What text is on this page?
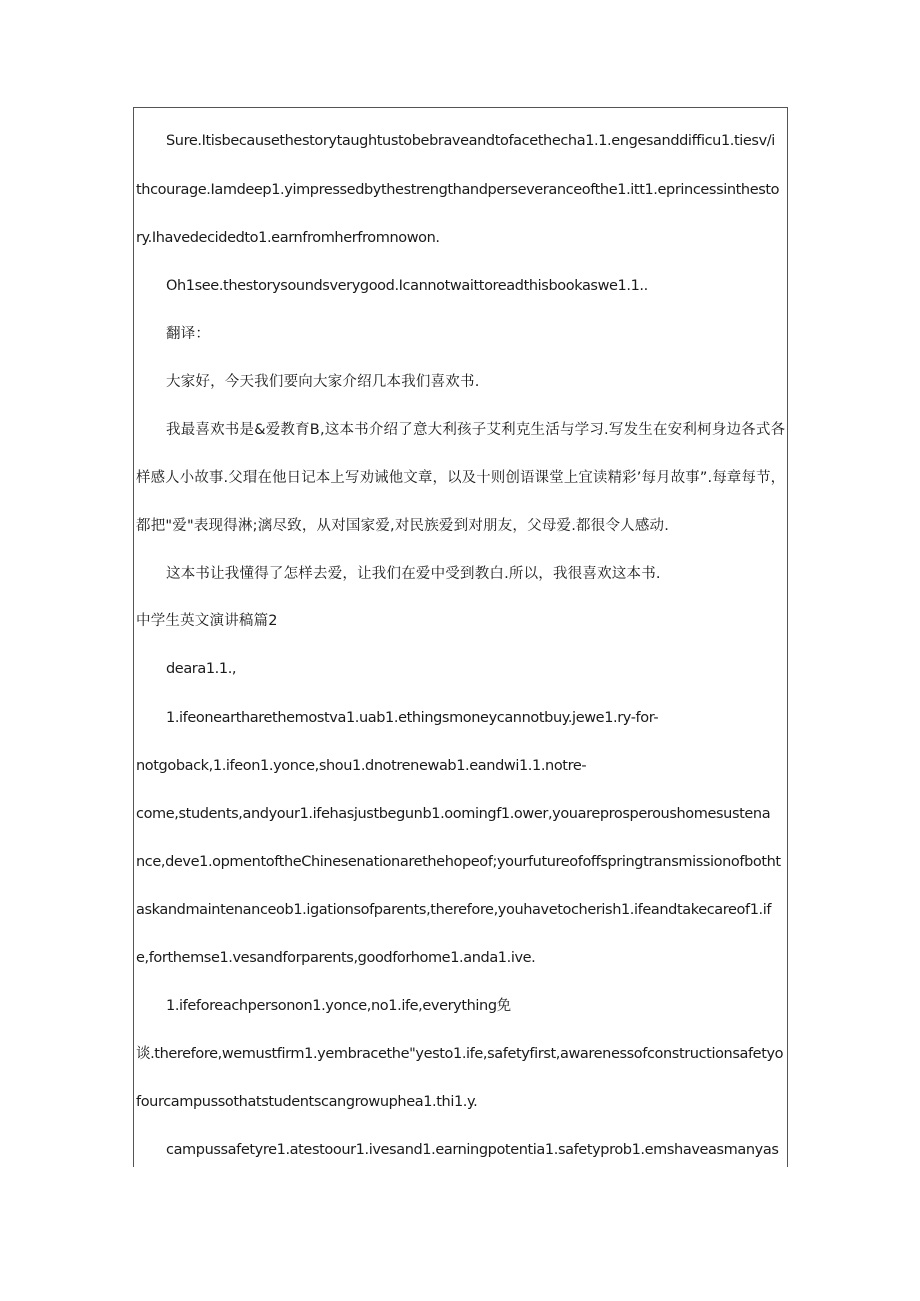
Sure.Itisbecausethestorytaughtustobebraveandtofacethecha1.1.engesanddifficu1.tiesv/i
thcourage.Iamdeep1.yimpressedbythestrengthandperseveranceofthe1.itt1.eprincessinthesto
ry.Ihavedecidedto1.earnfromherfromnowon.
Oh1see.thestorysoundsverygood.Icannotwaittoreadthisbookaswe1.1..
翻译：
大家好，今天我们要向大家介绍几本我们喜欢书.
我最喜欢书是&爱教育B,这本书介绍了意大利孩子艾利克生活与学习.写发生在安利柯身边各式各
样感人小故事.父瑁在他日记本上写劝诫他文章，以及十则创语课堂上宜读精彩’每月故事”.每章每节，
都把"爱"表现得淋;漓尽致，从对国家爱,对民族爱到对朋友，父母爱.都很令人感动.
这本书让我懂得了怎样去爱，让我们在爱中受到教白.所以，我很喜欢这本书.
中学生英文演讲稿篇2
deara1.1.,
1.ifeoneartharethemostva1.uab1.ethingsmoneycannotbuy.jewe1.ry-for-
notgoback,1.ifeon1.yonce,shou1.dnotrenewab1.eandwi1.1.notre-
come,students,andyour1.ifehasjustbegunb1.oomingf1.ower,youareprosperoushomesustena
nce,deve1.opmentoftheChinesenationarethehopeof;yourfutureofoffspringtransmissionofbotht
askandmaintenanceob1.igationsofparents,therefore,youhavetocherish1.ifeandtakecareof1.if
e,forthemse1.vesandforparents,goodforhome1.anda1.ive.
1.ifeforeachpersonon1.yonce,no1.ife,everything免
谈.therefore,wemustfirm1.yembracethe"yesto1.ife,safetyfirst,awarenessofconstructionsafetyo
fourcampussothatstudentscangrowuphea1.thi1.y.
campussafetyre1.atestoour1.ivesand1.earningpotentia1.safetyprob1.emshaveasmanyas
